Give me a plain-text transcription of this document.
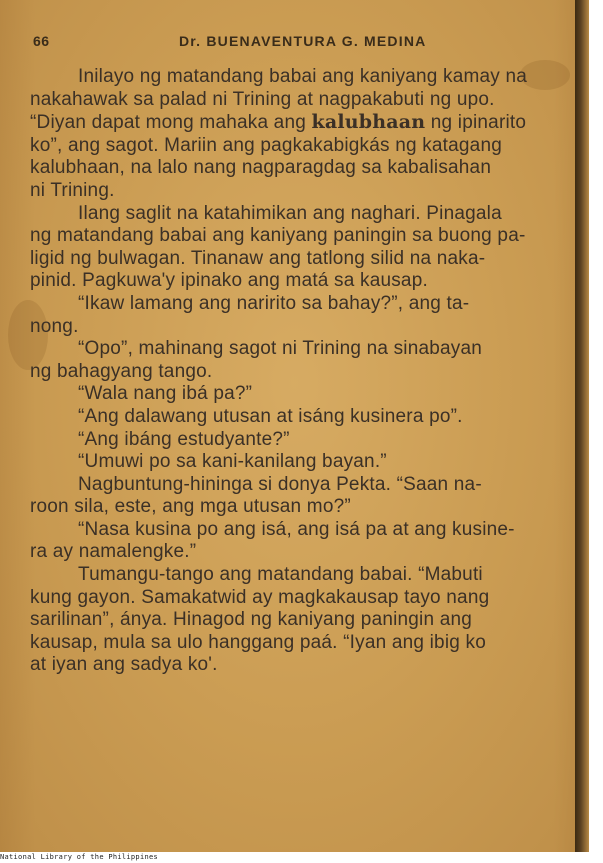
66	Dr. BUENAVENTURA G. MEDINA
Inilayo ng matandang babai ang kaniyang kamay na
nakahawak sa palad ni Trining at nagpakabuti ng upo.
“Diyan dapat mong mahaka ang kalubhaan ng ipinarito
ko”, ang sagot. Mariin ang pagkakabigkás ng katagang
kalubhaan, na lalo nang nagparagdag sa kabalisahan
ni Trining.
Ilang saglit na katahimikan ang naghari. Pinagala
ng matandang babai ang kaniyang paningin sa buong pa-
ligid ng bulwagan. Tinanaw ang tatlong silid na naka-
pinid. Pagkuwa'y ipinako ang matá sa kausap.
“Ikaw lamang ang naririto sa bahay?”, ang ta-
nong.
“Opo”, mahinang sagot ni Trining na sinabayan
ng bahagyang tango.
“Wala nang ibá pa?”
“Ang dalawang utusan at isáng kusinera po”.
“Ang ibáng estudyante?”
“Umuwi po sa kani-kanilang bayan.”
Nagbuntung-hininga si donya Pekta. “Saan na-
roon sila, este, ang mga utusan mo?”
“Nasa kusina po ang isá, ang isá pa at ang kusine-
ra ay namalengke.”
Tumangu-tango ang matandang babai. “Mabuti
kung gayon. Samakatwid ay magkakausap tayo nang
sarilinan”, ánya. Hinagod ng kaniyang paningin ang
kausap, mula sa ulo hanggang paá. “Iyan ang ibig ko
at iyan ang sadya ko'.
National Library of the Philippines
